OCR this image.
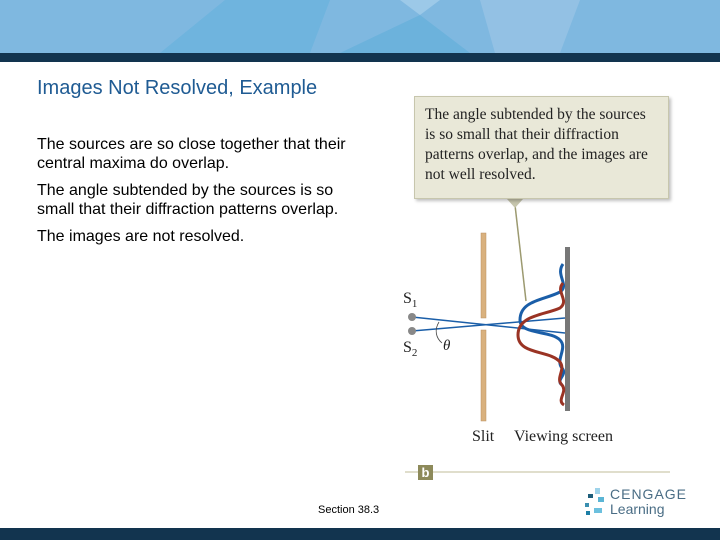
Images Not Resolved, Example

The sources are so close together that their central maxima do overlap.

The angle subtended by the sources is so small that their diffraction patterns overlap.

The images are not resolved.

b
$S_1$
$S_2$ θ
Slit Viewing screen
The angle subtended by the sources is so small that their diffraction patterns overlap, and the images are not well resolved.
Section 38.3
CENGAGE
Learning
